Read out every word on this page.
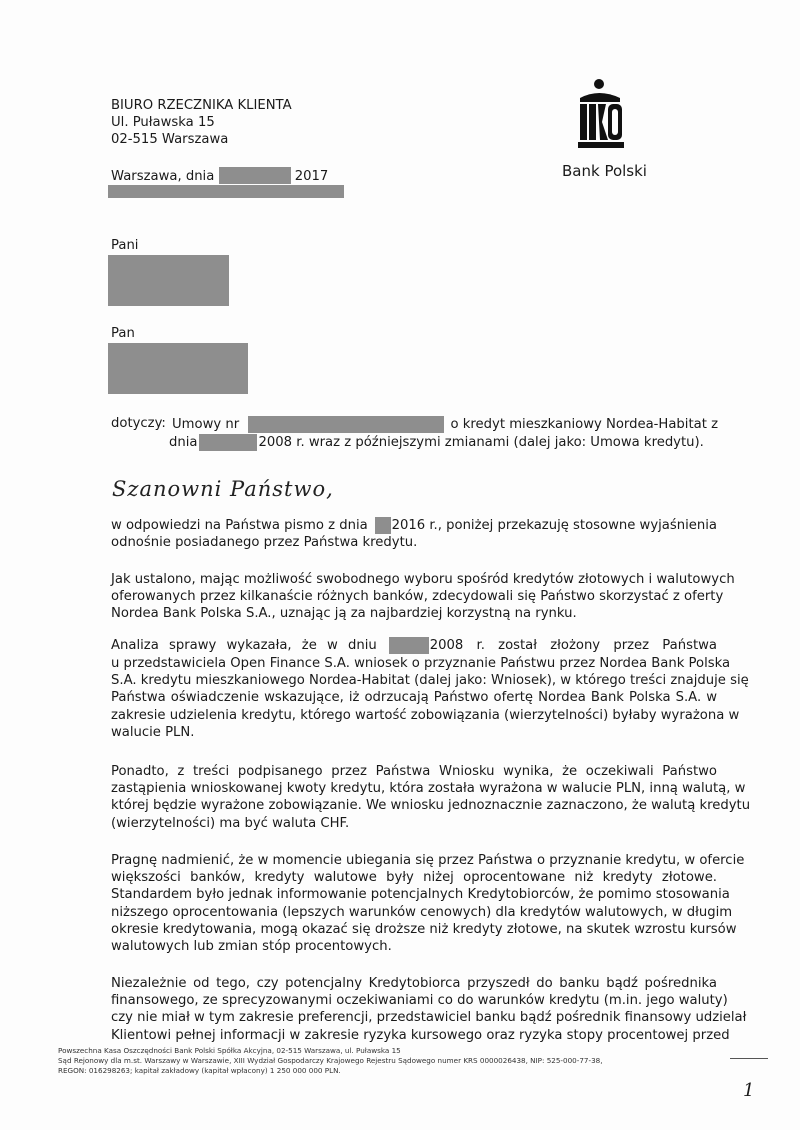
BIURO RZECZNIKA KLIENTA
Ul. Puławska 15
02-515 Warszawa
Warszawa, dnia	2017	Bank Polski
Pani
Pan
dotyczy: Umowy nr	o kredyt mieszkaniowy Nordea-Habitat z
dnia	2008 r. wraz z późniejszymi zmianami (dalej jako: Umowa kredytu).
Szanowni Państwo,
w odpowiedzi na Państwa pismo z dnia 2016 r., poniżej przekazuję stosowne wyjaśnienia
odnośnie posiadanego przez Państwa kredytu.
Jak ustalono, mając możliwość swobodnego wyboru spośród kredytów złotowych i walutowych
oferowanych przez kilkanaście różnych banków, zdecydowali się Państwo skorzystać z oferty
Nordea Bank Polska S.A., uznając ją za najbardziej korzystną na rynku.
Analiza sprawy wykazała, że w dniu	2008 r. został złożony przez Państwa
u przedstawiciela Open Finance S.A. wniosek o przyznanie Państwu przez Nordea Bank Polska
S.A. kredytu mieszkaniowego Nordea-Habitat (dalej jako: Wniosek), w którego treści znajduje się
Państwa oświadczenie wskazujące, iż odrzucają Państwo ofertę Nordea Bank Polska S.A. w
zakresie udzielenia kredytu, którego wartość zobowiązania (wierzytelności) byłaby wyrażona w
walucie PLN.
Ponadto, z treści podpisanego przez Państwa Wniosku wynika, że oczekiwali Państwo
zastąpienia wnioskowanej kwoty kredytu, która została wyrażona w walucie PLN, inną walutą, w
której będzie wyrażone zobowiązanie. We wniosku jednoznacznie zaznaczono, że walutą kredytu
(wierzytelności) ma być waluta CHF.
Pragnę nadmienić, że w momencie ubiegania się przez Państwa o przyznanie kredytu, w ofercie
większości banków, kredyty walutowe były niżej oprocentowane niż kredyty złotowe.
Standardem było jednak informowanie potencjalnych Kredytobiorców, że pomimo stosowania
niższego oprocentowania (lepszych warunków cenowych) dla kredytów walutowych, w długim
okresie kredytowania, mogą okazać się droższe niż kredyty złotowe, na skutek wzrostu kursów
walutowych lub zmian stóp procentowych.
Niezależnie od tego, czy potencjalny Kredytobiorca przyszedł do banku bądź pośrednika
finansowego, ze sprecyzowanymi oczekiwaniami co do warunków kredytu (m.in. jego waluty)
czy nie miał w tym zakresie preferencji, przedstawiciel banku bądź pośrednik finansowy udzielał
Klientowi pełnej informacji w zakresie ryzyka kursowego oraz ryzyka stopy procentowej przed
Powszechna Kasa Oszczędności Bank Polski Spółka Akcyjna, 02-515 Warszawa, ul. Puławska 15
Sąd Rejonowy dla m.st. Warszawy w Warszawie, XIII Wydział Gospodarczy Krajowego Rejestru Sądowego numer KRS 0000026438, NIP: 525-000-77-38,
REGON: 016298263; kapitał zakładowy (kapitał wpłacony) 1 250 000 000 PLN.
1
